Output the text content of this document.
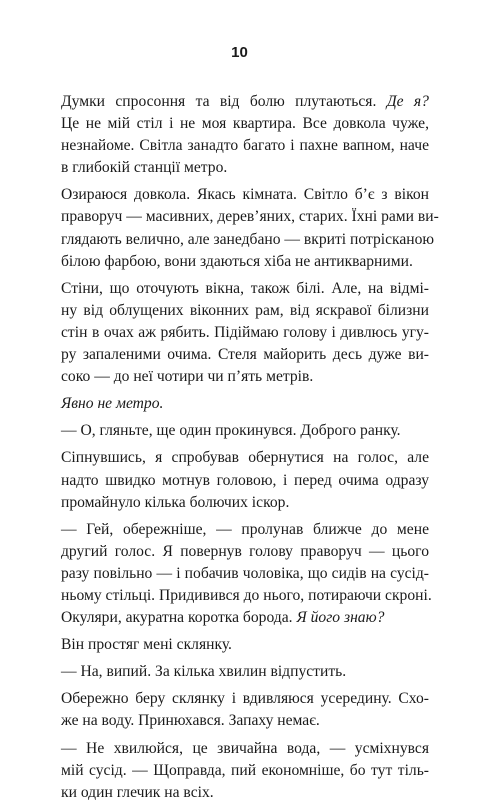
10
Думки спросоння та від болю плутаються. Де я?
Це не мій стіл і не моя квартира. Все довкола чуже,
незнайоме. Світла занадто багато і пахне вапном, наче
в глибокій станції метро.
Озираюся довкола. Якась кімната. Світло б’є з вікон
праворуч — масивних, дерев’яних, старих. Їхні рами ви-
глядають велично, але занедбано — вкриті потрісканою
білою фарбою, вони здаються хіба не антикварними.
Стіни, що оточують вікна, також білі. Але, на відмі-
ну від облущених віконних рам, від яскравої білизни
стін в очах аж рябить. Підіймаю голову і дивлюсь угу-
ру запаленими очима. Стеля майорить десь дуже ви-
соко — до неї чотири чи п’ять метрів.
Явно не метро.
— О, гляньте, ще один прокинувся. Доброго ранку.
Сіпнувшись, я спробував обернутися на голос, але
надто швидко мотнув головою, і перед очима одразу
промайнуло кілька болючих іскор.
— Гей, обережніше, — пролунав ближче до мене
другий голос. Я повернув голову праворуч — цього
разу повільно — і побачив чоловіка, що сидів на сусід-
ньому стільці. Придивився до нього, потираючи скроні.
Окуляри, акуратна коротка борода. Я його знаю?
Він простяг мені склянку.
— На, випий. За кілька хвилин відпустить.
Обережно беру склянку і вдивляюся усередину. Схо-
же на воду. Принюхався. Запаху немає.
— Не хвилюйся, це звичайна вода, — усміхнувся
мій сусід. — Щоправда, пий економніше, бо тут тіль-
ки один глечик на всіх.
